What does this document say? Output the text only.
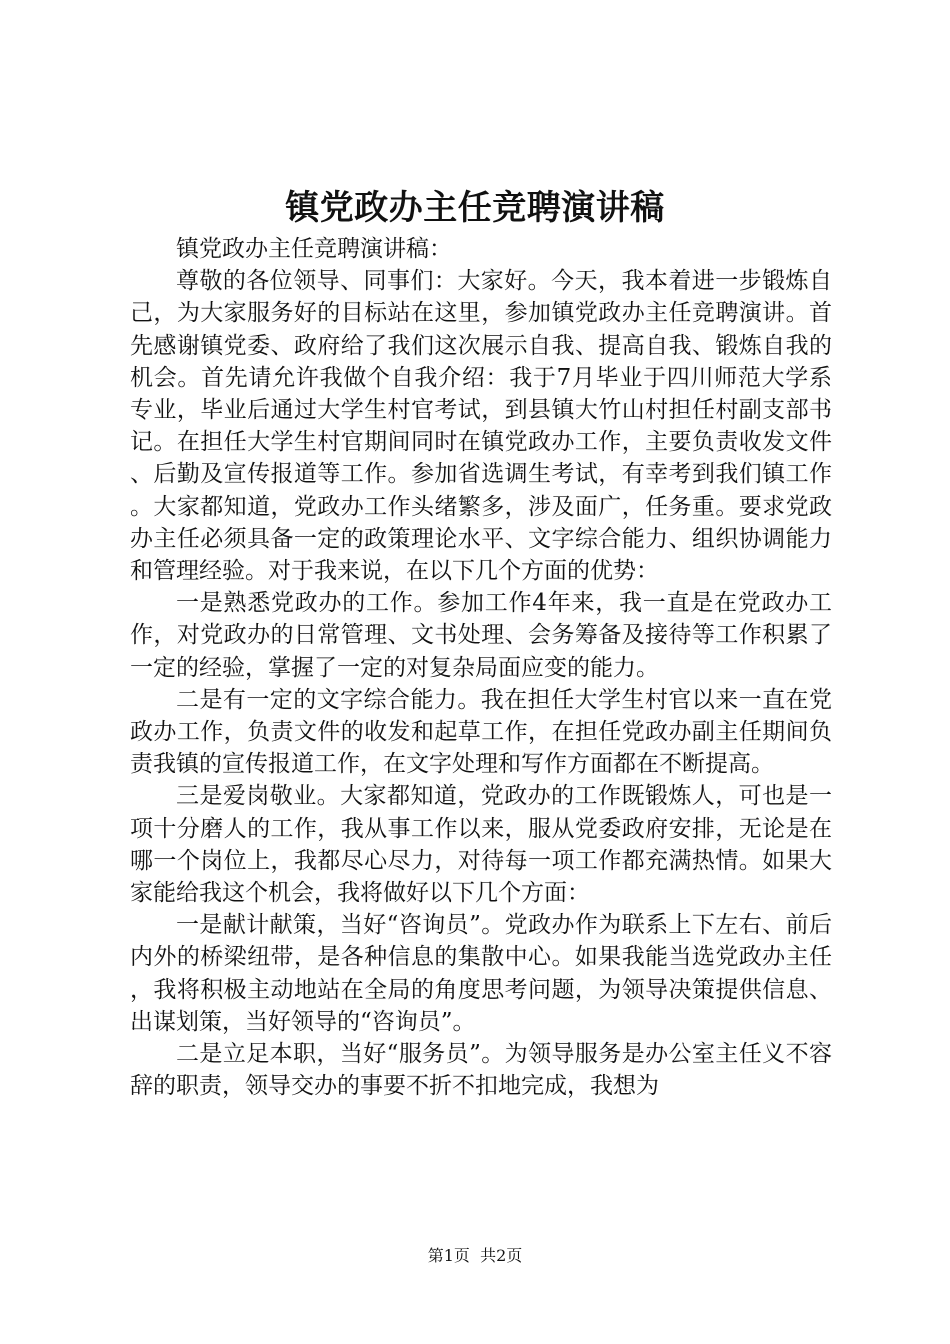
镇党政办主任竞聘演讲稿

镇党政办主任竞聘演讲稿：

尊敬的各位领导、同事们：大家好。今天，我本着进一步锻炼自己，为大家服务好的目标站在这里，参加镇党政办主任竞聘演讲。首先感谢镇党委、政府给了我们这次展示自我、提高自我、锻炼自我的机会。首先请允许我做个自我介绍：我于7月毕业于四川师范大学系专业，毕业后通过大学生村官考试，到县镇大竹山村担任村副支部书记。在担任大学生村官期间同时在镇党政办工作，主要负责收发文件、后勤及宣传报道等工作。参加省选调生考试，有幸考到我们镇工作。大家都知道，党政办工作头绪繁多，涉及面广，任务重。要求党政办主任必须具备一定的政策理论水平、文字综合能力、组织协调能力和管理经验。对于我来说，在以下几个方面的优势：

一是熟悉党政办的工作。参加工作4年来，我一直是在党政办工作，对党政办的日常管理、文书处理、会务筹备及接待等工作积累了一定的经验，掌握了一定的对复杂局面应变的能力。

二是有一定的文字综合能力。我在担任大学生村官以来一直在党政办工作，负责文件的收发和起草工作，在担任党政办副主任期间负责我镇的宣传报道工作，在文字处理和写作方面都在不断提高。

三是爱岗敬业。大家都知道，党政办的工作既锻炼人，可也是一项十分磨人的工作，我从事工作以来，服从党委政府安排，无论是在哪一个岗位上，我都尽心尽力，对待每一项工作都充满热情。如果大家能给我这个机会，我将做好以下几个方面：

一是献计献策，当好“咨询员”。党政办作为联系上下左右、前后内外的桥梁纽带，是各种信息的集散中心。如果我能当选党政办主任，我将积极主动地站在全局的角度思考问题，为领导决策提供信息、出谋划策，当好领导的“咨询员”。

二是立足本职，当好“服务员”。为领导服务是办公室主任义不容辞的职责，领导交办的事要不折不扣地完成，我想为

第1页 共2页
